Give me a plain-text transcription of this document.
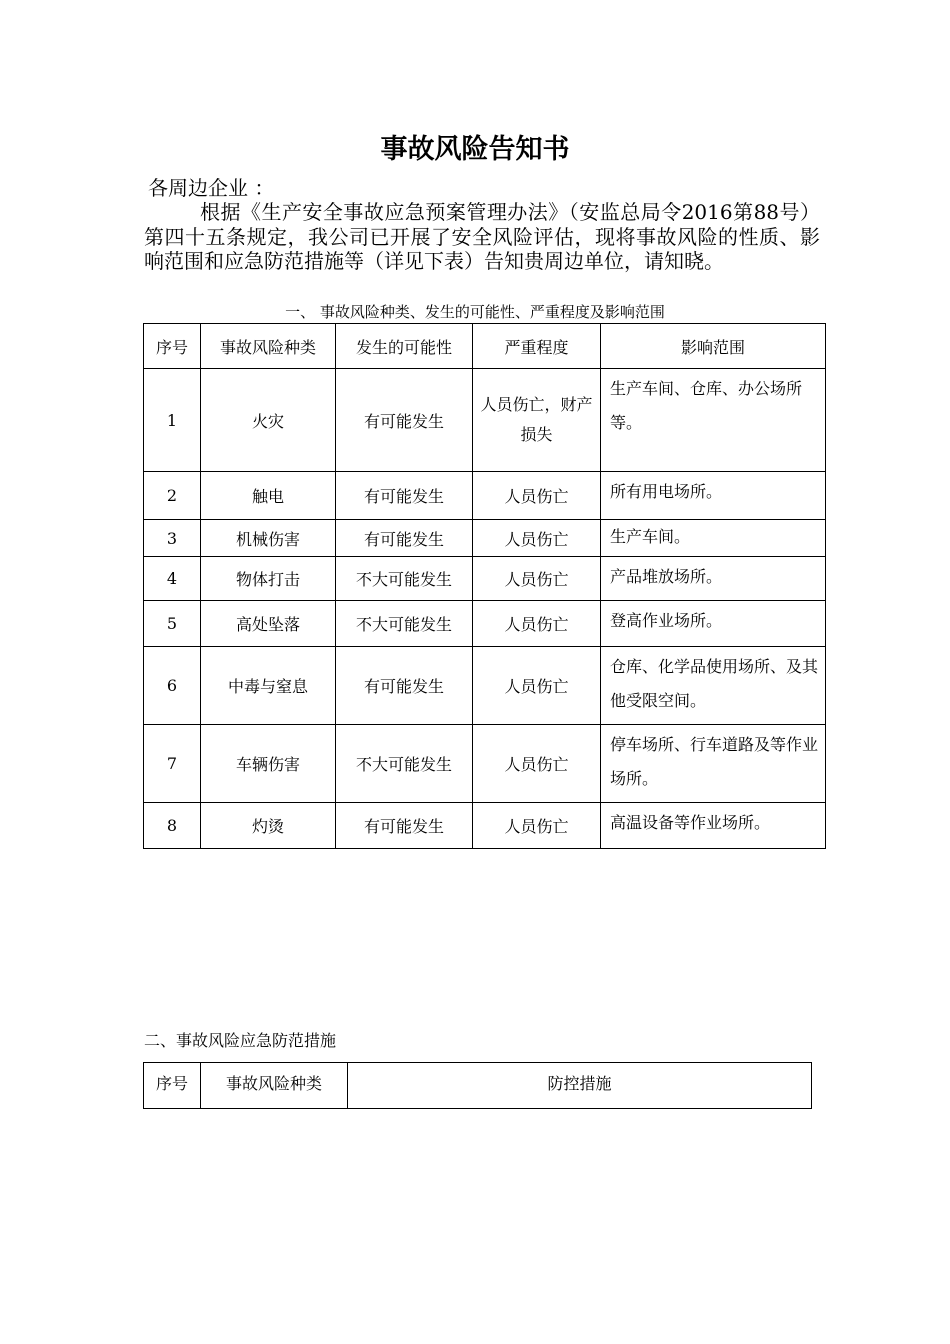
事故风险告知书
各周边企业 ：
根据《生产安全事故应急预案管理办法》（安监总局令2016第88号）第四十五条规定，我公司已开展了安全风险评估，现将事故风险的性质、影响范围和应急防范措施等（详见下表）告知贵周边单位，请知晓。
一、 事故风险种类、发生的可能性、严重程度及影响范围
序号	事故风险种类	发生的可能性	严重程度	影响范围
1	火灾	有可能发生	人员伤亡，财产损失	生产车间、仓库、办公场所等。
2	触电	有可能发生	人员伤亡	所有用电场所。
3	机械伤害	有可能发生	人员伤亡	生产车间。
4	物体打击	不大可能发生	人员伤亡	产品堆放场所。
5	高处坠落	不大可能发生	人员伤亡	登高作业场所。
6	中毒与窒息	有可能发生	人员伤亡	仓库、化学品使用场所、及其他受限空间。
7	车辆伤害	不大可能发生	人员伤亡	停车场所、行车道路及等作业场所。
8	灼烫	有可能发生	人员伤亡	高温设备等作业场所。
二、事故风险应急防范措施
序号	事故风险种类	防控措施
